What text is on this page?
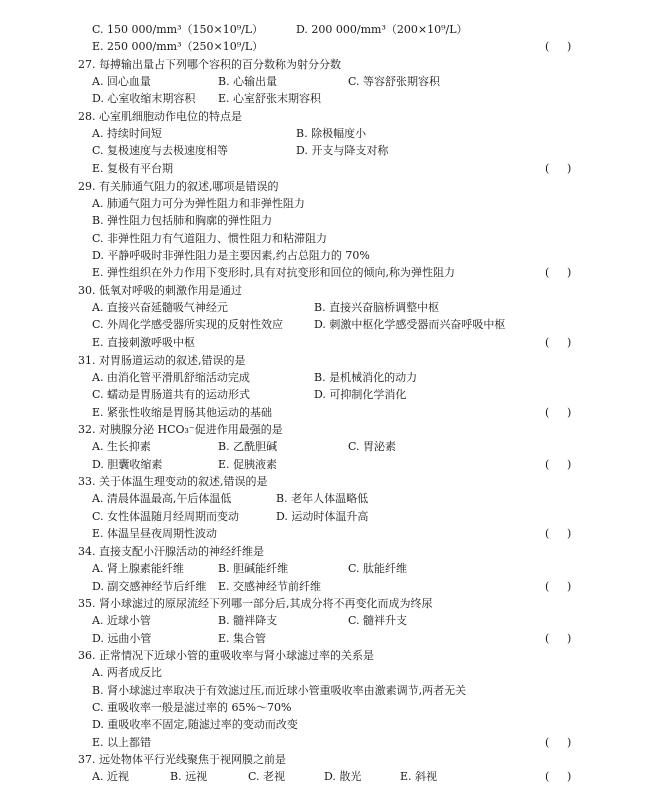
C. 150 000/mm³（150×10⁹/L）	D. 200 000/mm³（200×10⁹/L）
E. 250 000/mm³（250×10⁹/L）	( )
27. 每搏输出量占下列哪个容积的百分数称为射分分数
A. 回心血量	B. 心输出量	C. 等容舒张期容积
D. 心室收缩末期容积 E. 心室舒张末期容积
28. 心室肌细胞动作电位的特点是
A. 持续时间短	B. 除极幅度小
C. 复极速度与去极速度相等	D. 开支与降支对称
E. 复极有平台期	( )
29. 有关肺通气阻力的叙述,哪项是错误的
A. 肺通气阻力可分为弹性阻力和非弹性阻力
B. 弹性阻力包括肺和胸廓的弹性阻力
C. 非弹性阻力有气道阻力、惯性阻力和粘滞阻力
D. 平静呼吸时非弹性阻力是主要因素,约占总阻力的 70%
E. 弹性组织在外力作用下变形时,具有对抗变形和回位的倾向,称为弹性阻力	( )
30. 低氧对呼吸的刺激作用是通过
A. 直接兴奋延髓吸气神经元	B. 直接兴奋脑桥调整中枢
C. 外周化学感受器所实现的反射性效应	D. 刺激中枢化学感受器而兴奋呼吸中枢
E. 直接刺激呼吸中枢	( )
31. 对胃肠道运动的叙述,错误的是
A. 由消化管平滑肌舒缩活动完成	B. 是机械消化的动力
C. 蠕动是胃肠道共有的运动形式	D. 可抑制化学消化
E. 紧张性收缩是胃肠其他运动的基础	( )
32. 对胰腺分泌 HCO₃⁻促进作用最强的是
A. 生长抑素	B. 乙酰胆碱	C. 胃泌素
D. 胆囊收缩素	E. 促胰液素	( )
33. 关于体温生理变动的叙述,错误的是
A. 清晨体温最高,午后体温低	B. 老年人体温略低
C. 女性体温随月经周期而变动	D. 运动时体温升高
E. 体温呈昼夜周期性波动	( )
34. 直接支配小汗腺活动的神经纤维是
A. 肾上腺素能纤维	B. 胆碱能纤维	C. 肽能纤维
D. 副交感神经节后纤维 E. 交感神经节前纤维	( )
35. 肾小球滤过的原尿流经下列哪一部分后,其成分将不再变化而成为终尿
A. 近球小管	B. 髓袢降支	C. 髓袢升支
D. 远曲小管	E. 集合管	( )
36. 正常情况下近球小管的重吸收率与肾小球滤过率的关系是
A. 两者成反比
B. 肾小球滤过率取决于有效滤过压,而近球小管重吸收率由激素调节,两者无关
C. 重吸收率一般是滤过率的 65%～70%
D. 重吸收率不固定,随滤过率的变动而改变
E. 以上都错	( )
37. 远处物体平行光线聚焦于视网膜之前是
A. 近视	B. 远视	C. 老视	D. 散光	E. 斜视	( )
